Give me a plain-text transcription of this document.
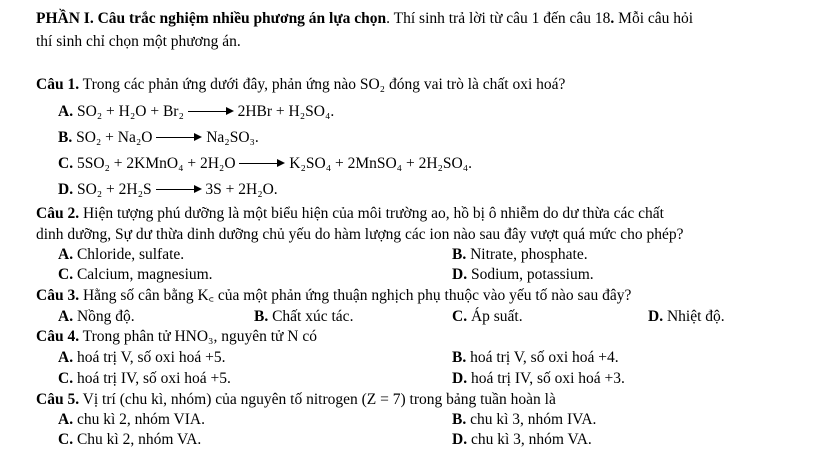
PHẦN I. Câu trắc nghiệm nhiều phương án lựa chọn. Thí sinh trả lời từ câu 1 đến câu 18. Mỗi câu hỏi
thí sinh chỉ chọn một phương án.
Câu 1. Trong các phản ứng dưới đây, phản ứng nào SO₂ đóng vai trò là chất oxi hoá?
A. SO₂ + H₂O + Br₂	2HBr + H₂SO₄.
B. SO₂ + Na₂O	Na₂SO₃.
C. 5SO₂ + 2KMnO₄ + 2H₂O	K₂SO₄ + 2MnSO₄ + 2H₂SO₄.
D. SO₂ + 2H₂S	3S + 2H₂O.
Câu 2. Hiện tượng phú dưỡng là một biểu hiện của môi trường ao, hồ bị ô nhiễm do dư thừa các chất
dinh dưỡng, Sự dư thừa dinh dưỡng chủ yếu do hàm lượng các ion nào sau đây vượt quá mức cho phép?
A. Chloride, sulfate.	B. Nitrate, phosphate.
C. Calcium, magnesium.	D. Sodium, potassium.
Câu 3. Hằng số cân bằng K꜀ của một phản ứng thuận nghịch phụ thuộc vào yếu tố nào sau đây?
A. Nồng độ.	B. Chất xúc tác.	C. Áp suất.	D. Nhiệt độ.
Câu 4. Trong phân tử HNO₃, nguyên tử N có
A. hoá trị V, số oxi hoá +5.	B. hoá trị V, số oxi hoá +4.
C. hoá trị IV, số oxi hoá +5.	D. hoá trị IV, số oxi hoá +3.
Câu 5. Vị trí (chu kì, nhóm) của nguyên tố nitrogen (Z = 7) trong bảng tuần hoàn là
A. chu kì 2, nhóm VIA.	B. chu kì 3, nhóm IVA.
C. Chu kì 2, nhóm VA.	D. chu kì 3, nhóm VA.
